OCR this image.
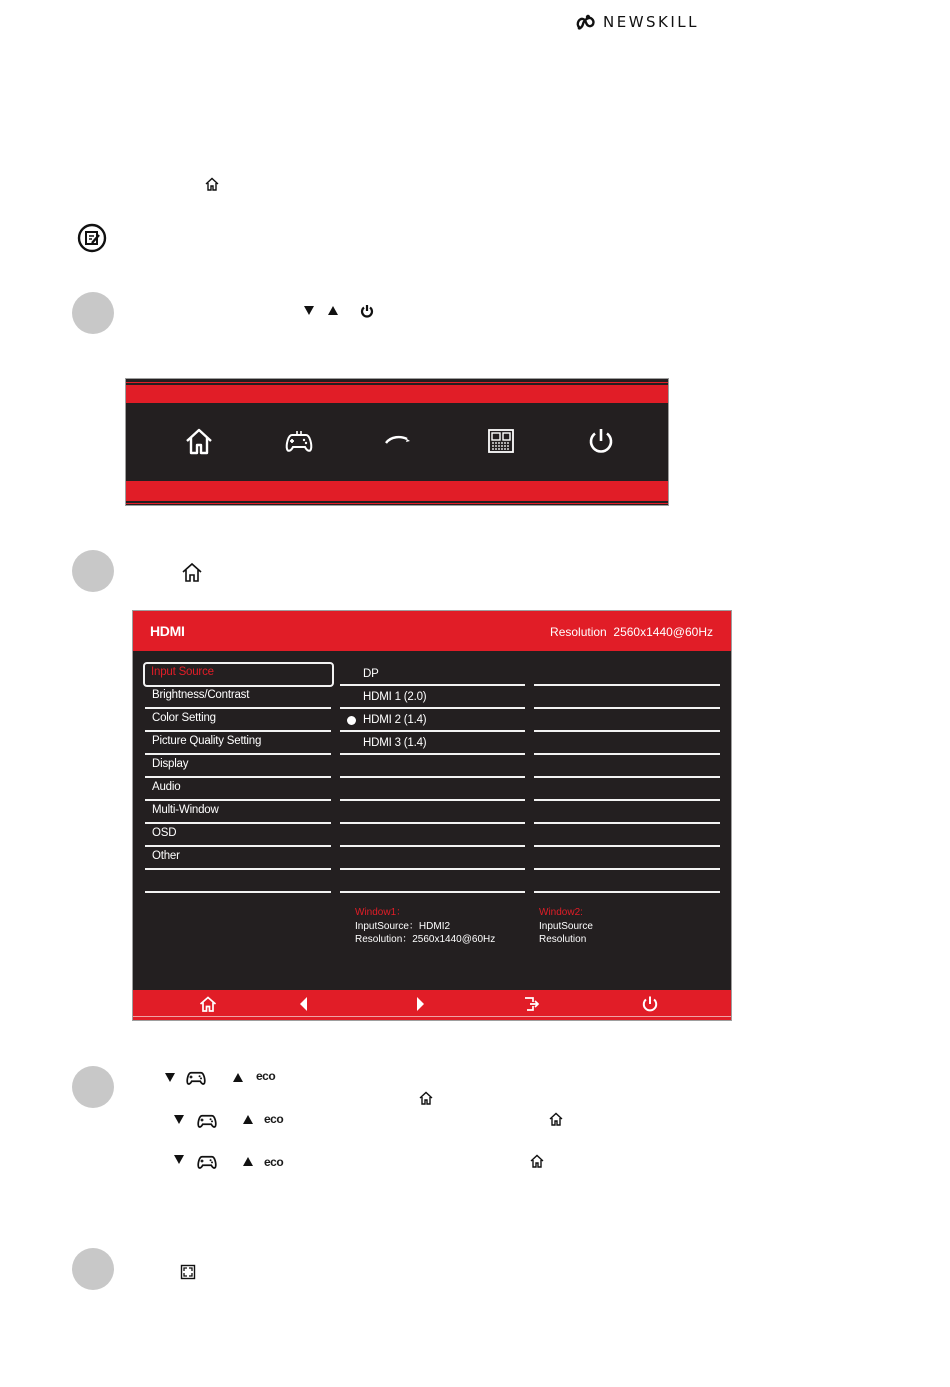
NEWSKILL
HDMI	Resolution 2560x1440@60Hz
Input Source
Brightness/Contrast
Color Setting
Picture Quality Setting
Display
Audio
Multi-Window
OSD
Other
DP
HDMI 1 (2.0)
HDMI 2 (1.4)
HDMI 3 (1.4)
Window1：
InputSource：HDMI2
Resolution：2560x1440@60Hz
Window2:
InputSource
Resolution
eco
eco
eco
